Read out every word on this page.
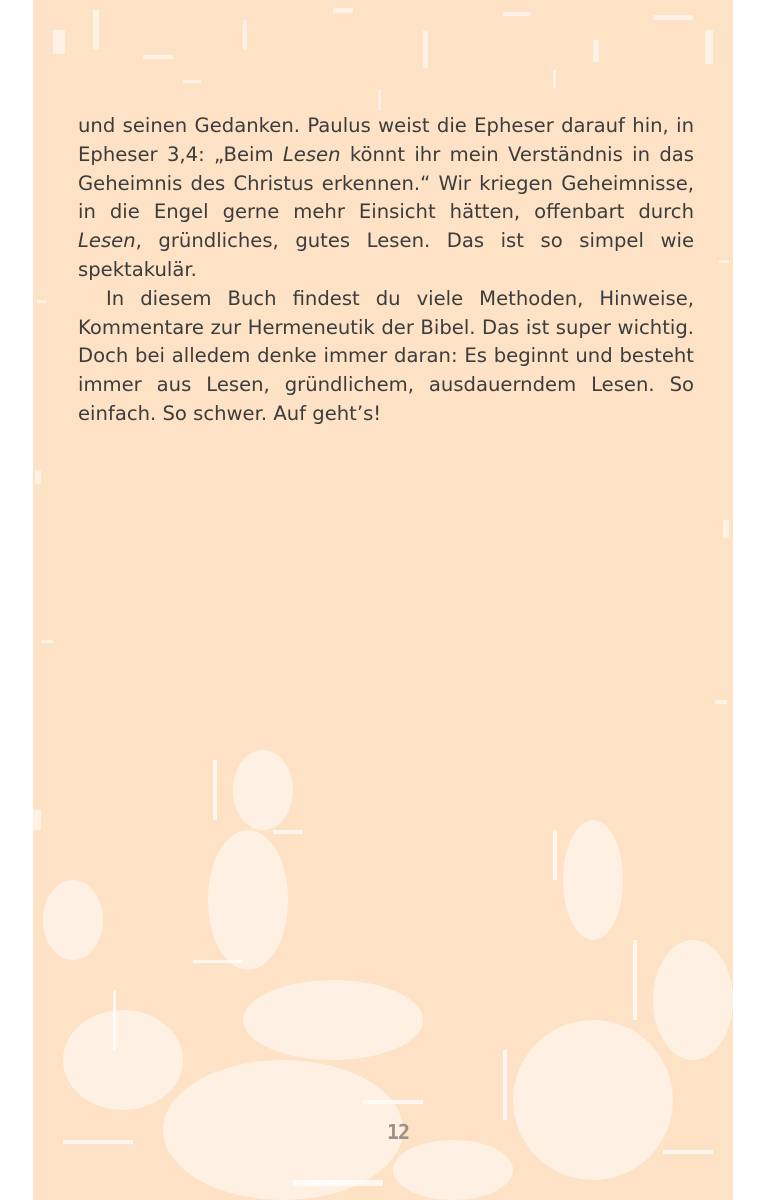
und seinen Gedanken. Paulus weist die Epheser darauf hin, in Epheser 3,4: „Beim Lesen könnt ihr mein Verständnis in das Geheimnis des Christus erkennen.“ Wir kriegen Geheimnisse, in die Engel gerne mehr Einsicht hätten, offenbart durch Lesen, gründliches, gutes Lesen. Das ist so simpel wie spektakulär.

In diesem Buch findest du viele Methoden, Hinweise, Kommentare zur Hermeneutik der Bibel. Das ist super wichtig. Doch bei alledem denke immer daran: Es beginnt und besteht immer aus Lesen, gründlichem, ausdauerndem Lesen. So einfach. So schwer. Auf geht’s!

12
